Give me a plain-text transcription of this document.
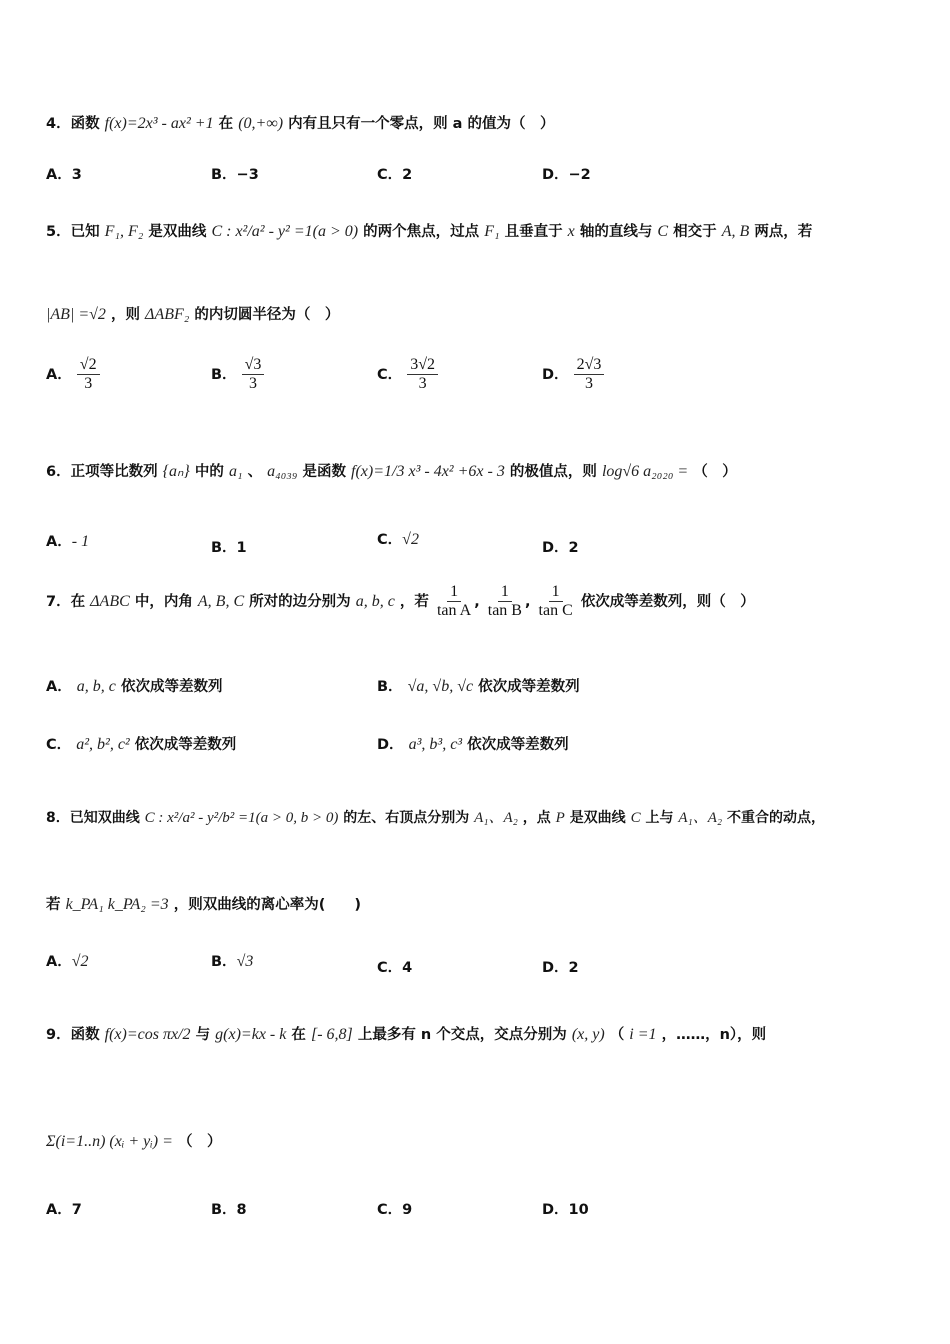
4．函数 f(x)=2x³ - ax² +1 在 (0,+∞) 内有且只有一个零点，则 a 的值为（　）
A．3	B．−3	C．2	D．−2
5．已知 F₁, F₂ 是双曲线 C : x²/a² - y² =1(a > 0) 的两个焦点，过点 F₁ 且垂直于 x 轴的直线与 C 相交于 A, B 两点，若
|AB| =√2 ，则 ΔABF₂ 的内切圆半径为（　）
A． $\frac{√2}{3}$	B． $\frac{√3}{3}$	C． $\frac{3√2}{3}$	D． $\frac{2√3}{3}$
6．正项等比数列 {aₙ} 中的 a₁ 、 a₄₀₃₉ 是函数 f(x)=1/3 x³ - 4x² +6x - 3 的极值点，则 log√6 a₂₀₂₀ = （　）
A．- 1	B．1	C．√2	D．2
7．在 ΔABC 中，内角 A, B, C 所对的边分别为 a, b, c ，若 $\frac{1}{\text{tan A}}$ , $\frac{1}{\text{tan B}}$ , $\frac{1}{\text{tan C}}$ 依次成等差数列，则（　）
A． a, b, c 依次成等差数列	B． √a, √b, √c 依次成等差数列
C． a², b², c² 依次成等差数列	D． a³, b³, c³ 依次成等差数列
8．已知双曲线 C : x²/a² - y²/b² =1(a > 0, b > 0) 的左、右顶点分别为 A₁、A₂ ，点 P 是双曲线 C 上与 A₁、A₂ 不重合的动点，
若 k_PA₁ k_PA₂ =3 ，则双曲线的离心率为(　　)
A．√2	B．√3	C．4	D．2
9．函数 f(x)=cos πx/2 与 g(x)=kx - k 在 [- 6,8] 上最多有 n 个交点，交点分别为 (x, y) （ i =1 ，……，n），则
Σ(i=1..n) (xᵢ + yᵢ) = （　）
A．7	B．8	C．9	D．10
